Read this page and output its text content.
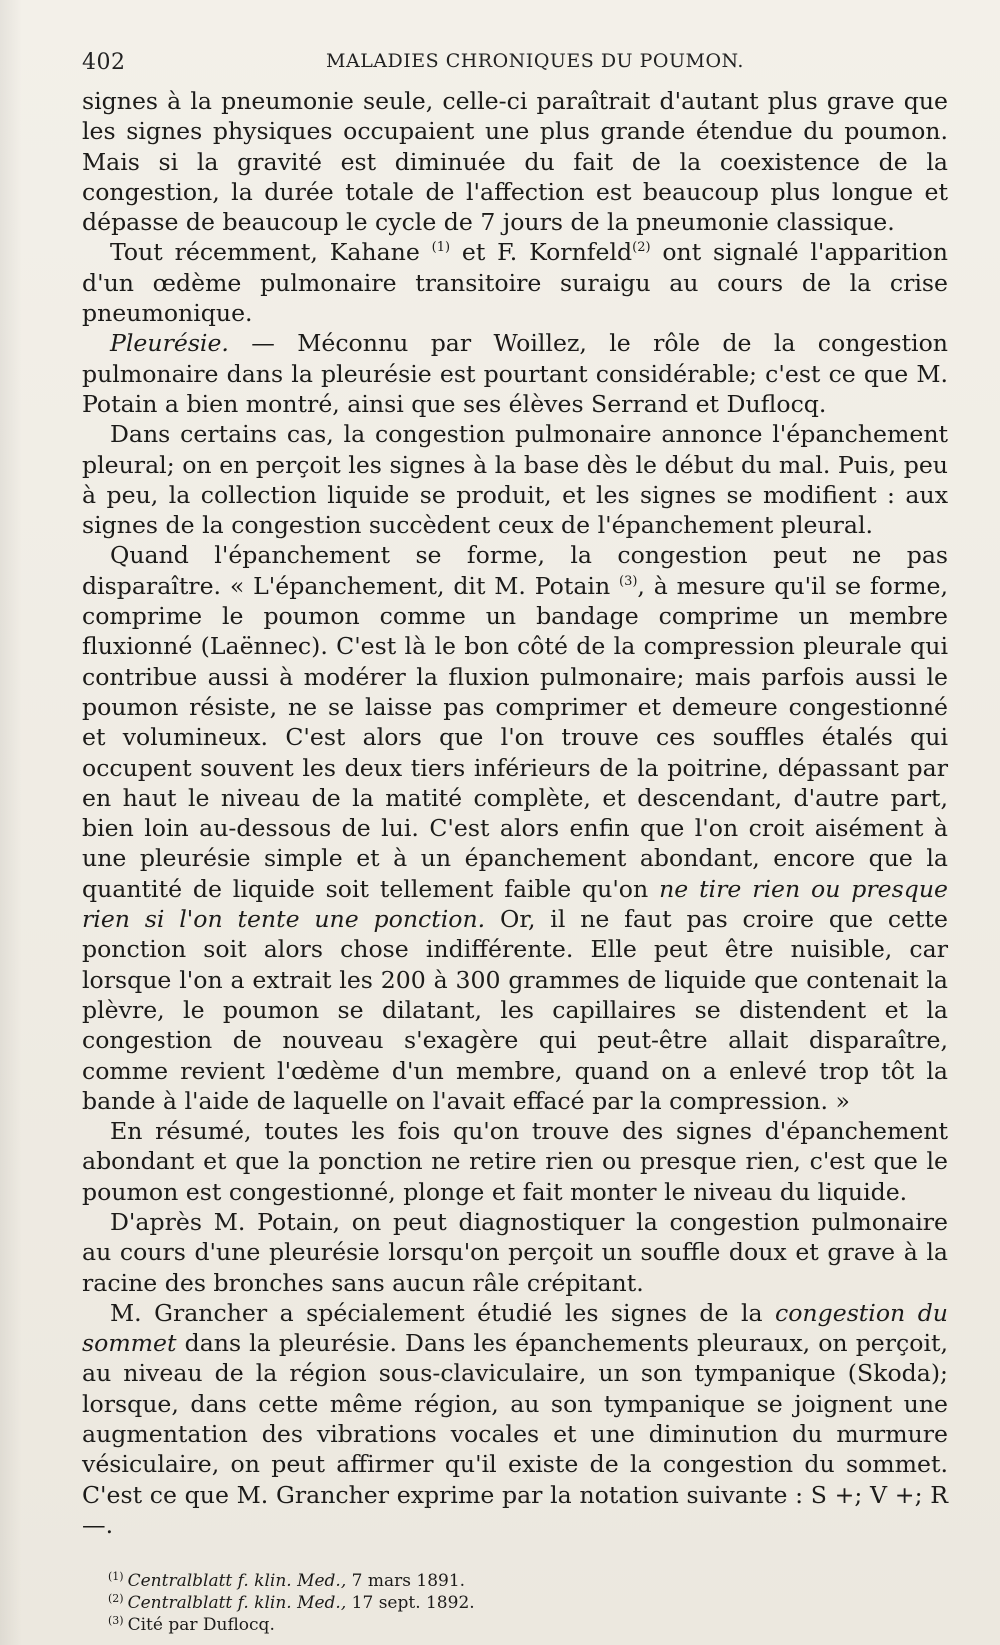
402	MALADIES CHRONIQUES DU POUMON.

signes à la pneumonie seule, celle-ci paraîtrait d'autant plus grave que les signes physiques occupaient une plus grande étendue du poumon. Mais si la gravité est diminuée du fait de la coexistence de la congestion, la durée totale de l'affection est beaucoup plus longue et dépasse de beaucoup le cycle de 7 jours de la pneumonie classique.

Tout récemment, Kahane $^{(1)}$ et F. Kornfeld$^{(2)}$ ont signalé l'apparition d'un œdème pulmonaire transitoire suraigu au cours de la crise pneumonique.

Pleurésie. — Méconnu par Woillez, le rôle de la congestion pulmonaire dans la pleurésie est pourtant considérable; c'est ce que M. Potain a bien montré, ainsi que ses élèves Serrand et Duflocq.

Dans certains cas, la congestion pulmonaire annonce l'épanchement pleural; on en perçoit les signes à la base dès le début du mal. Puis, peu à peu, la collection liquide se produit, et les signes se modifient : aux signes de la congestion succèdent ceux de l'épanchement pleural.

Quand l'épanchement se forme, la congestion peut ne pas disparaître. « L'épanchement, dit M. Potain $^{(3)}$, à mesure qu'il se forme, comprime le poumon comme un bandage comprime un membre fluxionné (Laënnec). C'est là le bon côté de la compression pleurale qui contribue aussi à modérer la fluxion pulmonaire; mais parfois aussi le poumon résiste, ne se laisse pas comprimer et demeure congestionné et volumineux. C'est alors que l'on trouve ces souffles étalés qui occupent souvent les deux tiers inférieurs de la poitrine, dépassant par en haut le niveau de la matité complète, et descendant, d'autre part, bien loin au-dessous de lui. C'est alors enfin que l'on croit aisément à une pleurésie simple et à un épanchement abondant, encore que la quantité de liquide soit tellement faible qu'on ne tire rien ou presque rien si l'on tente une ponction. Or, il ne faut pas croire que cette ponction soit alors chose indifférente. Elle peut être nuisible, car lorsque l'on a extrait les 200 à 300 grammes de liquide que contenait la plèvre, le poumon se dilatant, les capillaires se distendent et la congestion de nouveau s'exagère qui peut-être allait disparaître, comme revient l'œdème d'un membre, quand on a enlevé trop tôt la bande à l'aide de laquelle on l'avait effacé par la compression. »

En résumé, toutes les fois qu'on trouve des signes d'épanchement abondant et que la ponction ne retire rien ou presque rien, c'est que le poumon est congestionné, plonge et fait monter le niveau du liquide.

D'après M. Potain, on peut diagnostiquer la congestion pulmonaire au cours d'une pleurésie lorsqu'on perçoit un souffle doux et grave à la racine des bronches sans aucun râle crépitant.

M. Grancher a spécialement étudié les signes de la congestion du sommet dans la pleurésie. Dans les épanchements pleuraux, on perçoit, au niveau de la région sous-claviculaire, un son tympanique (Skoda); lorsque, dans cette même région, au son tympanique se joignent une augmentation des vibrations vocales et une diminution du murmure vésiculaire, on peut affirmer qu'il existe de la congestion du sommet. C'est ce que M. Grancher exprime par la notation suivante : S +; V +; R —.

$^{(1)}$ Centralblatt f. klin. Med., 7 mars 1891.
$^{(2)}$ Centralblatt f. klin. Med., 17 sept. 1892.
$^{(3)}$ Cité par Duflocq.
